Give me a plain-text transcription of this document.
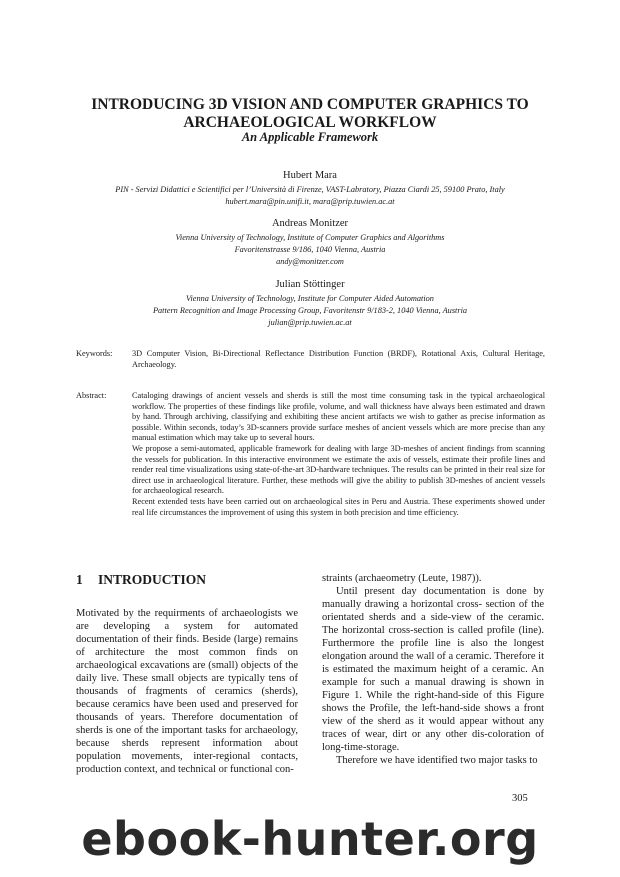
INTRODUCING 3D VISION AND COMPUTER GRAPHICS TO
ARCHAEOLOGICAL WORKFLOW
An Applicable Framework
Hubert Mara
PIN - Servizi Didattici e Scientifici per l’Università di Firenze, VAST-Labratory, Piazza Ciardi 25, 59100 Prato, Italy
hubert.mara@pin.unifi.it, mara@prip.tuwien.ac.at
Andreas Monitzer
Vienna University of Technology, Institute of Computer Graphics and Algorithms
Favoritenstrasse 9/186, 1040 Vienna, Austria
andy@monitzer.com
Julian Stöttinger
Vienna University of Technology, Institute for Computer Aided Automation
Pattern Recognition and Image Processing Group, Favoritenstr 9/183-2, 1040 Vienna, Austria
julian@prip.tuwien.ac.at
Keywords: 3D Computer Vision, Bi-Directional Reflectance Distribution Function (BRDF), Rotational Axis, Cultural Heritage, Archaeology.
Abstract:	Cataloging drawings of ancient vessels and sherds is still the most time consuming task in the typical archaeological workflow. The properties of these findings like profile, volume, and wall thickness have always been estimated and drawn by hand. Through archiving, classifying and exhibiting these ancient artifacts we wish to gather as precise information as possible. Within seconds, today’s 3D-scanners provide surface meshes of ancient vessels which are more precise than any manual estimation which may take up to several hours.

We propose a semi-automated, applicable framework for dealing with large 3D-meshes of ancient findings from scanning the vessels for publication. In this interactive environment we estimate the axis of vessels, estimate their profile lines and render real time visualizations using state-of-the-art 3D-hardware techniques. The results can be printed in their real size for direct use in archaeological literature. Further, these methods will give the ability to publish 3D-meshes of ancient vessels for archaeological research.

Recent extended tests have been carried out on archaeological sites in Peru and Austria. These experiments showed under real life circumstances the improvement of using this system in both precision and time efficiency.

1 INTRODUCTION

Motivated by the requirments of archaeologists we are developing a system for automated documentation of their finds. Beside (large) remains of architecture the most common finds on archaeological excavations are (small) objects of the daily live. These small objects are typically tens of thousands of fragments of ceramics (sherds), because ceramics have been used and preserved for thousands of years. Therefore documentation of sherds is one of the important tasks for archaeology, because sherds represent information about population movements, inter-regional contacts, production context, and technical or functional con-

straints (archaeometry (Leute, 1987)).

Until present day documentation is done by manually drawing a horizontal cross- section of the orientated sherds and a side-view of the ceramic. The horizontal cross-section is called profile (line). Furthermore the profile line is also the longest elongation around the wall of a ceramic. Therefore it is estimated the maximum height of a ceramic. An example for such a manual drawing is shown in Figure 1. While the right-hand-side of this Figure shows the Profile, the left-hand-side shows a front view of the sherd as it would appear without any traces of wear, dirt or any other dis-coloration of long-time-storage.

Therefore we have identified two major tasks to

305
ebook-hunter.org
